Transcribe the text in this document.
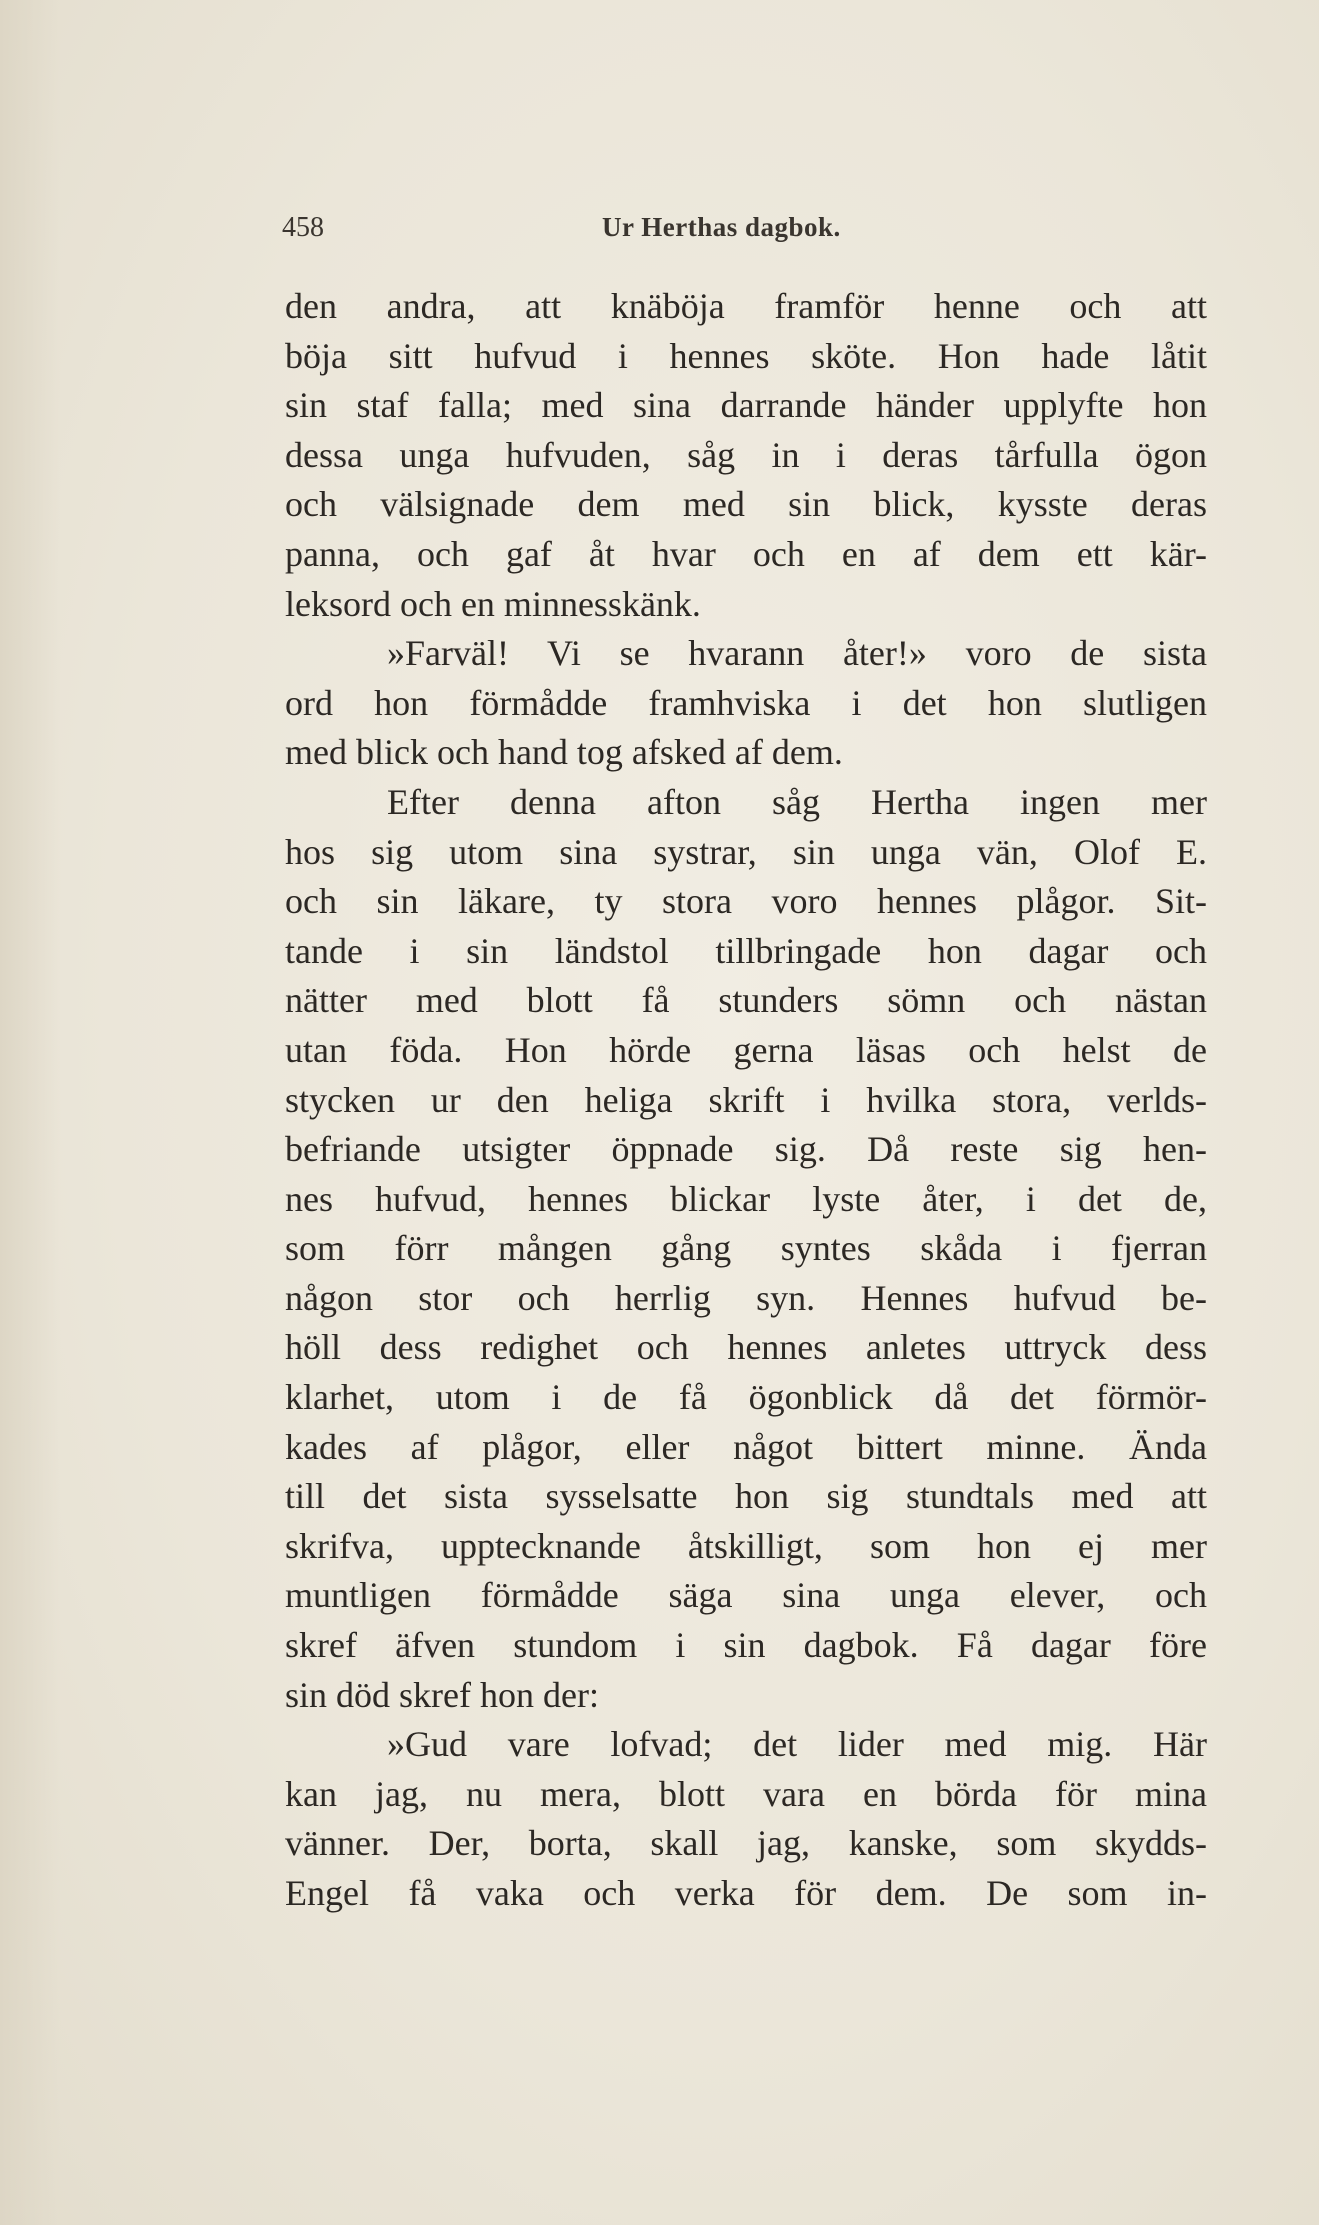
458	Ur Herthas dagbok.
den andra, att knäböja framför henne och att
böja sitt hufvud i hennes sköte. Hon hade låtit
sin staf falla; med sina darrande händer upplyfte hon
dessa unga hufvuden, såg in i deras tårfulla ögon
och välsignade dem med sin blick, kysste deras
panna, och gaf åt hvar och en af dem ett kär-
leksord och en minnesskänk.
»Farväl! Vi se hvarann åter!» voro de sista
ord hon förmådde framhviska i det hon slutligen
med blick och hand tog afsked af dem.
Efter denna afton såg Hertha ingen mer
hos sig utom sina systrar, sin unga vän, Olof E.
och sin läkare, ty stora voro hennes plågor. Sit-
tande i sin ländstol tillbringade hon dagar och
nätter med blott få stunders sömn och nästan
utan föda. Hon hörde gerna läsas och helst de
stycken ur den heliga skrift i hvilka stora, verlds-
befriande utsigter öppnade sig. Då reste sig hen-
nes hufvud, hennes blickar lyste åter, i det de,
som förr mången gång syntes skåda i fjerran
någon stor och herrlig syn. Hennes hufvud be-
höll dess redighet och hennes anletes uttryck dess
klarhet, utom i de få ögonblick då det förmör-
kades af plågor, eller något bittert minne. Ända
till det sista sysselsatte hon sig stundtals med att
skrifva, upptecknande åtskilligt, som hon ej mer
muntligen förmådde säga sina unga elever, och
skref äfven stundom i sin dagbok. Få dagar före
sin död skref hon der:
»Gud vare lofvad; det lider med mig. Här
kan jag, nu mera, blott vara en börda för mina
vänner. Der, borta, skall jag, kanske, som skydds-
Engel få vaka och verka för dem. De som in-
